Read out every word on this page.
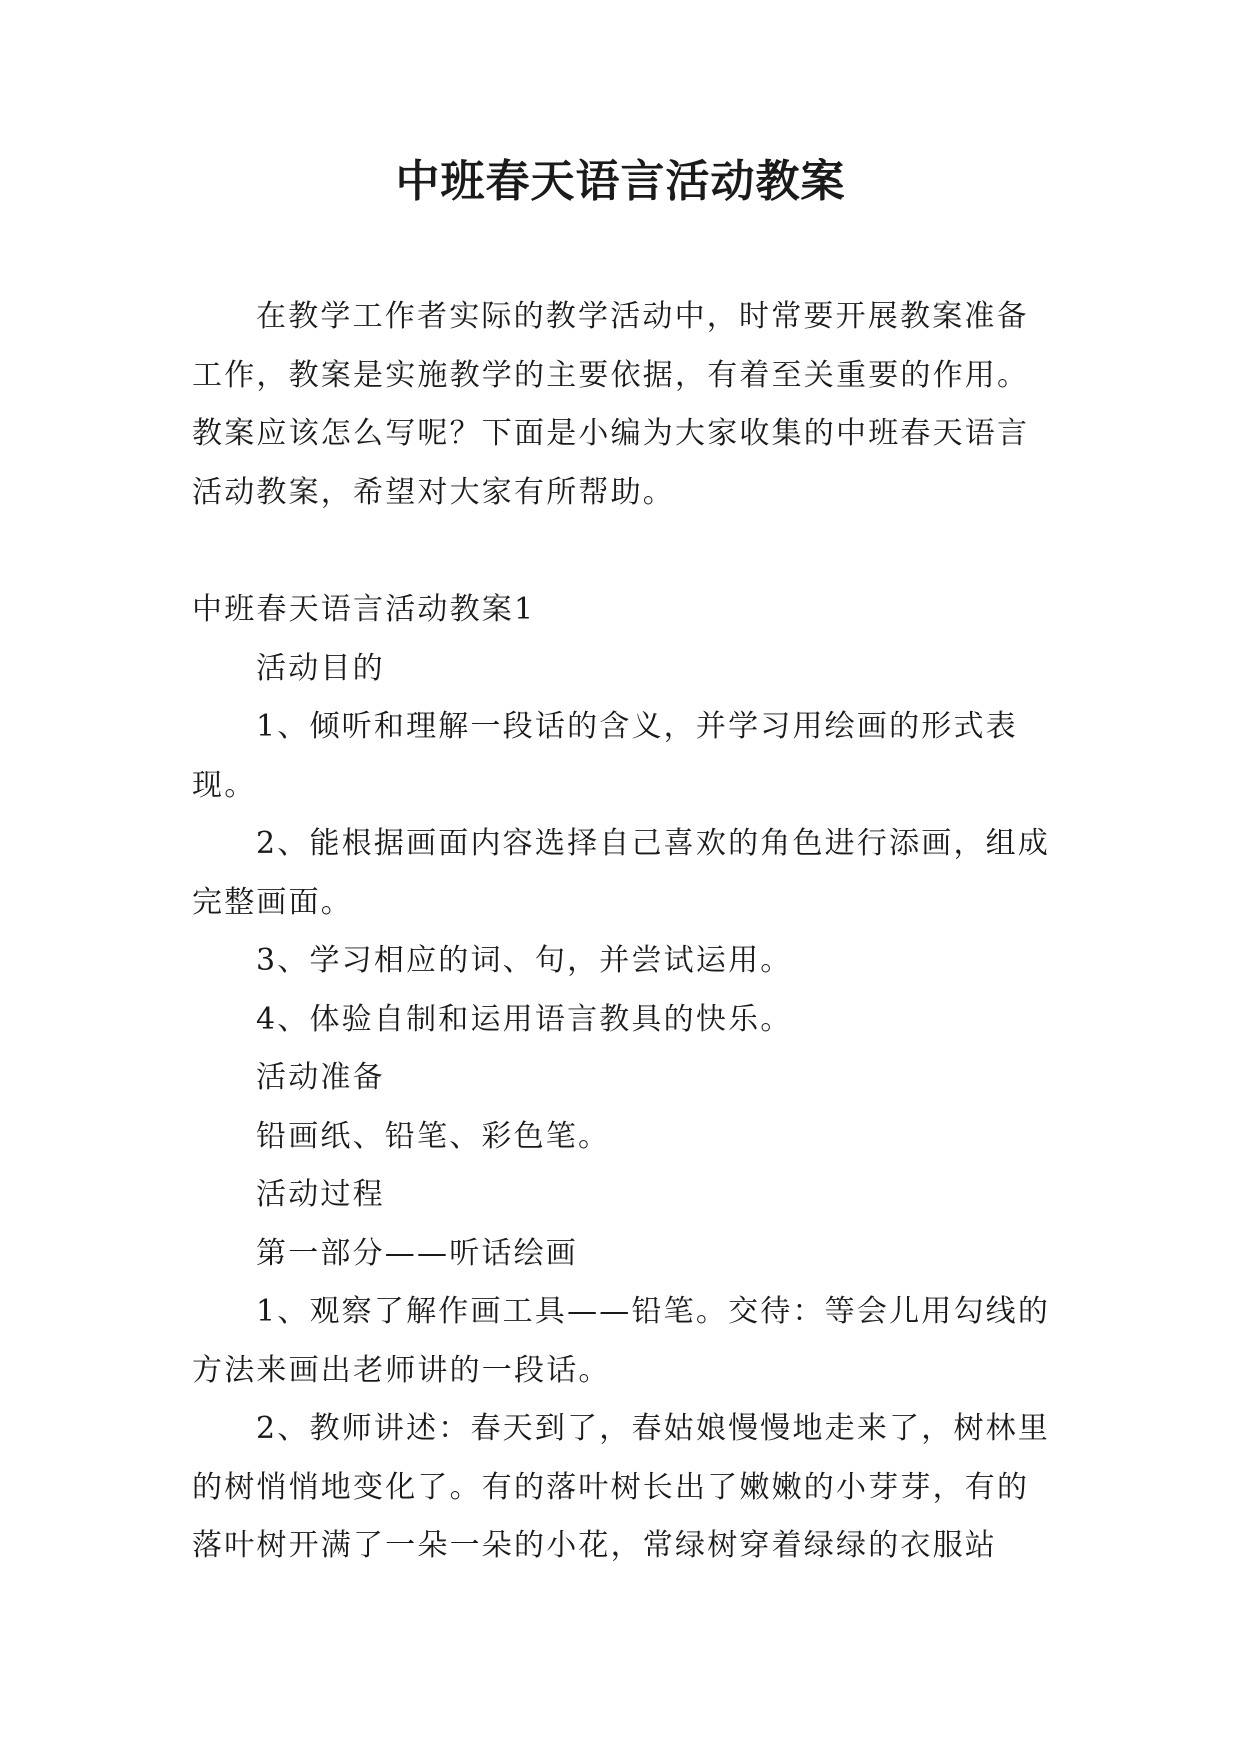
中班春天语言活动教案

在教学工作者实际的教学活动中，时常要开展教案准备工作，教案是实施教学的主要依据，有着至关重要的作用。教案应该怎么写呢？下面是小编为大家收集的中班春天语言活动教案，希望对大家有所帮助。

中班春天语言活动教案1

活动目的

1、倾听和理解一段话的含义，并学习用绘画的形式表现。

2、能根据画面内容选择自己喜欢的角色进行添画，组成完整画面。

3、学习相应的词、句，并尝试运用。

4、体验自制和运用语言教具的快乐。

活动准备

铅画纸、铅笔、彩色笔。

活动过程

第一部分——听话绘画

1、观察了解作画工具——铅笔。交待：等会儿用勾线的方法来画出老师讲的一段话。

2、教师讲述：春天到了，春姑娘慢慢地走来了，树林里的树悄悄地变化了。有的落叶树长出了嫩嫩的小芽芽，有的落叶树开满了一朵一朵的小花，常绿树穿着绿绿的衣服站
